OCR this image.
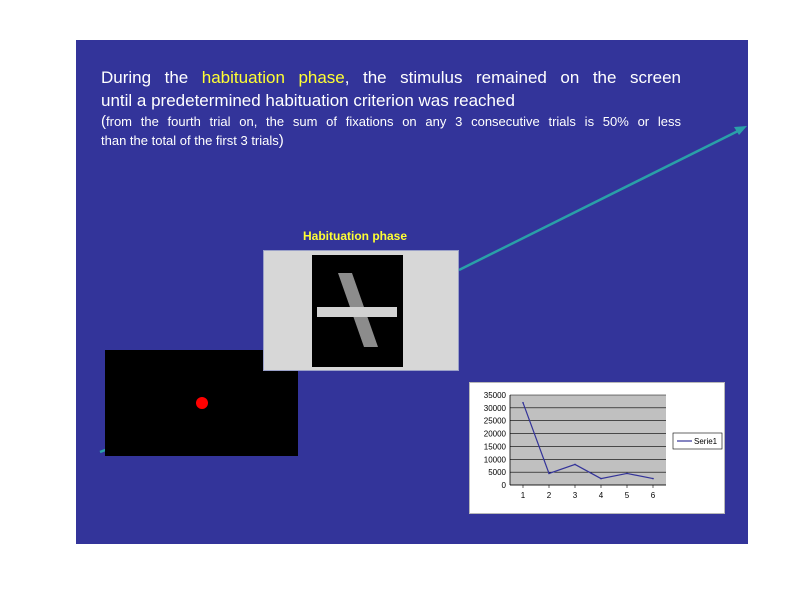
During the habituation phase, the stimulus remained on the screen
until a predetermined habituation criterion was reached
(from the fourth trial on, the sum of fixations on any 3 consecutive trials is 50% or less
than the total of the first 3 trials)
Habituation phase
0
5000
10000
15000
20000
25000
30000
35000
1	2	3	4	5	6
Serie1
